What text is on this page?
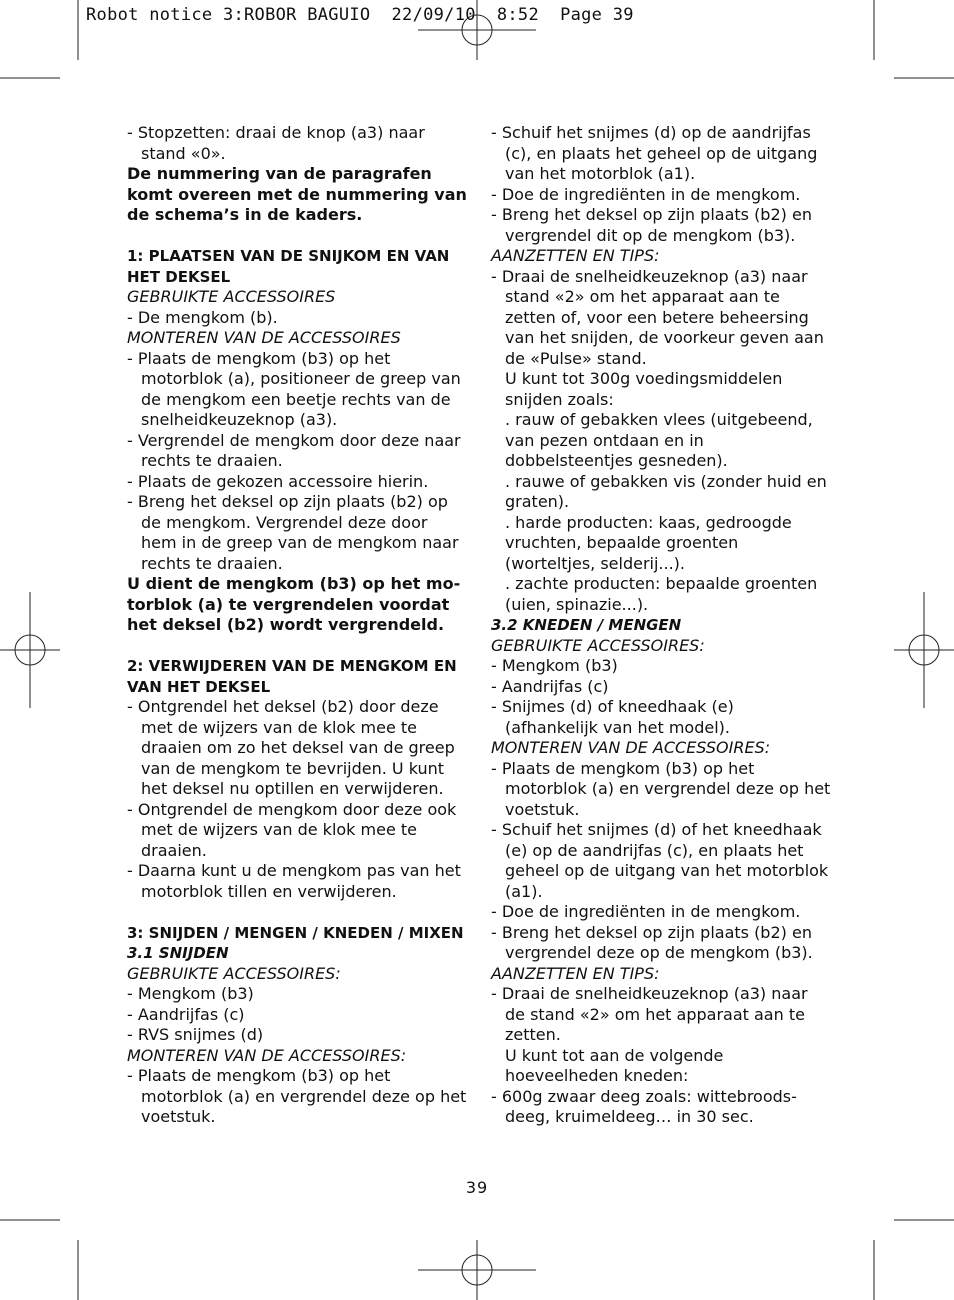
Robot notice 3:ROBOR BAGUIO  22/09/10  8:52  Page 39
- Stopzetten: draai de knop (a3) naar stand «0».
De nummering van de paragrafen komt overeen met de nummering van de schema’s in de kaders.
1: PLAATSEN VAN DE SNIJKOM EN VAN HET DEKSEL
GEBRUIKTE ACCESSOIRES
- De mengkom (b).
MONTEREN VAN DE ACCESSOIRES
- Plaats de mengkom (b3) op het motorblok (a), positioneer de greep van de mengkom een beetje rechts van de snelheidkeuzeknop (a3).
- Vergrendel de mengkom door deze naar rechts te draaien.
- Plaats de gekozen accessoire hierin.
- Breng het deksel op zijn plaats (b2) op de mengkom. Vergrendel deze door hem in de greep van de mengkom naar rechts te draaien.
U dient de mengkom (b3) op het mo-torblok (a) te vergrendelen voordat het deksel (b2) wordt vergrendeld.
2: VERWIJDEREN VAN DE MENGKOM EN VAN HET DEKSEL
- Ontgrendel het deksel (b2) door deze met de wijzers van de klok mee te draaien om zo het deksel van de greep van de mengkom te bevrijden. U kunt het deksel nu optillen en verwijderen.
- Ontgrendel de mengkom door deze ook met de wijzers van de klok mee te draaien.
- Daarna kunt u de mengkom pas van het motorblok tillen en verwijderen.
3: SNIJDEN / MENGEN / KNEDEN / MIXEN
3.1 SNIJDEN
GEBRUIKTE ACCESSOIRES:
- Mengkom (b3)
- Aandrijfas (c)
- RVS snijmes (d)
MONTEREN VAN DE ACCESSOIRES:
- Plaats de mengkom (b3) op het motorblok (a) en vergrendel deze op het voetstuk.
- Schuif het snijmes (d) op de aandrijfas (c), en plaats het geheel op de uitgang van het motorblok (a1).
- Doe de ingrediënten in de mengkom.
- Breng het deksel op zijn plaats (b2) en vergrendel dit op de mengkom (b3).
AANZETTEN EN TIPS:
- Draai de snelheidkeuzeknop (a3) naar stand «2» om het apparaat aan te zetten of, voor een betere beheersing van het snijden, de voorkeur geven aan de «Pulse» stand.
U kunt tot 300g voedingsmiddelen snijden zoals:
. rauw of gebakken vlees (uitgebeend, van pezen ontdaan en in dobbelsteentjes gesneden).
. rauwe of gebakken vis (zonder huid en graten).
. harde producten: kaas, gedroogde vruchten, bepaalde groenten (worteltjes, selderij...).
. zachte producten: bepaalde groenten (uien, spinazie...).
3.2 KNEDEN / MENGEN
GEBRUIKTE ACCESSOIRES:
- Mengkom (b3)
- Aandrijfas (c)
- Snijmes (d) of kneedhaak (e) (afhankelijk van het model).
MONTEREN VAN DE ACCESSOIRES:
- Plaats de mengkom (b3) op het motorblok (a) en vergrendel deze op het voetstuk.
- Schuif het snijmes (d) of het kneedhaak (e) op de aandrijfas (c), en plaats het geheel op de uitgang van het motorblok (a1).
- Doe de ingrediënten in de mengkom.
- Breng het deksel op zijn plaats (b2) en vergrendel deze op de mengkom (b3).
AANZETTEN EN TIPS:
- Draai de snelheidkeuzeknop (a3) naar de stand «2» om het apparaat aan te zetten.
U kunt tot aan de volgende hoeveelheden kneden:
- 600g zwaar deeg zoals: wittebroods-deeg, kruimeldeeg… in 30 sec.
39
